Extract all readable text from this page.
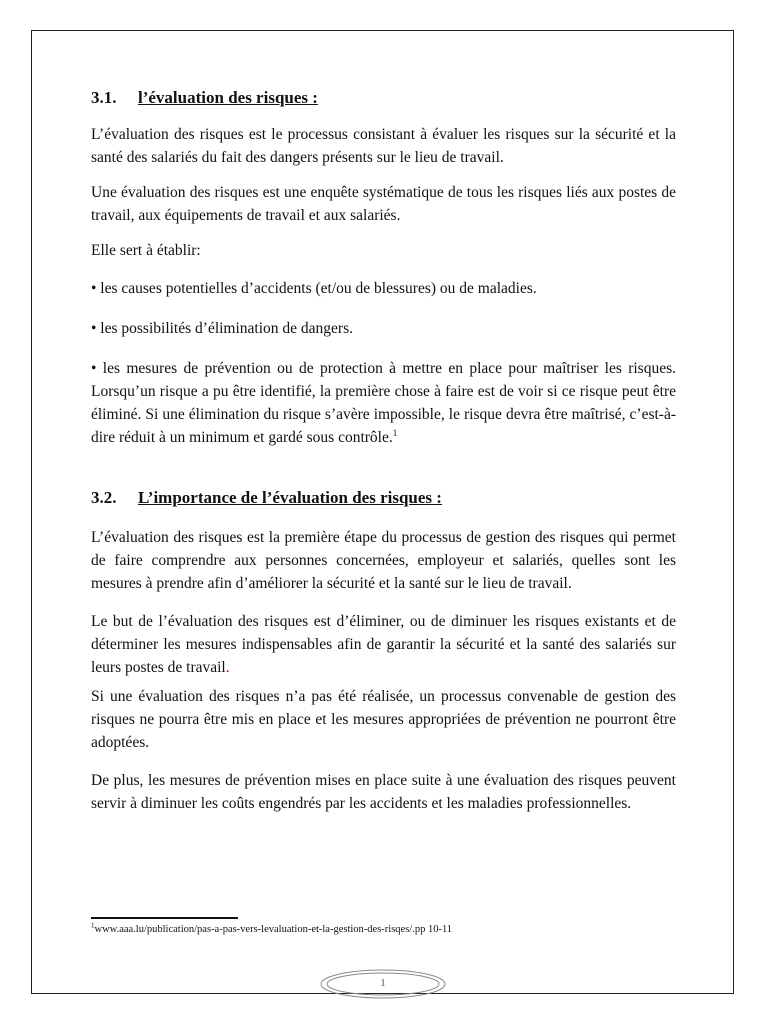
3.1.	l’évaluation des risques :

L’évaluation des risques est le processus consistant à évaluer les risques sur la sécurité et la santé des salariés du fait des dangers présents sur le lieu de travail.

Une évaluation des risques est une enquête systématique de tous les risques liés aux postes de travail, aux équipements de travail et aux salariés.

Elle sert à établir:

• les causes potentielles d’accidents (et/ou de blessures) ou de maladies.

• les possibilités d’élimination de dangers.

• les mesures de prévention ou de protection à mettre en place pour maîtriser les risques. Lorsqu’un risque a pu être identifié, la première chose à faire est de voir si ce risque peut être éliminé. Si une élimination du risque s’avère impossible, le risque devra être maîtrisé, c’est-à-dire réduit à un minimum et gardé sous contrôle.$^1$

3.2.	L’importance de l’évaluation des risques :

L’évaluation des risques est la première étape du processus de gestion des risques qui permet de faire comprendre aux personnes concernées, employeur et salariés, quelles sont les mesures à prendre afin d’améliorer la sécurité et la santé sur le lieu de travail.

Le but de l’évaluation des risques est d’éliminer, ou de diminuer les risques existants et de déterminer les mesures indispensables afin de garantir la sécurité et la santé des salariés sur leurs postes de travail.

Si une évaluation des risques n’a pas été réalisée, un processus convenable de gestion des risques ne pourra être mis en place et les mesures appropriées de prévention ne pourront être adoptées.

De plus, les mesures de prévention mises en place suite à une évaluation des risques peuvent servir à diminuer les coûts engendrés par les accidents et les maladies professionnelles.

$^1$www.aaa.lu/publication/pas-a-pas-vers-levaluation-et-la-gestion-des-risqes/.pp 10-11
1
